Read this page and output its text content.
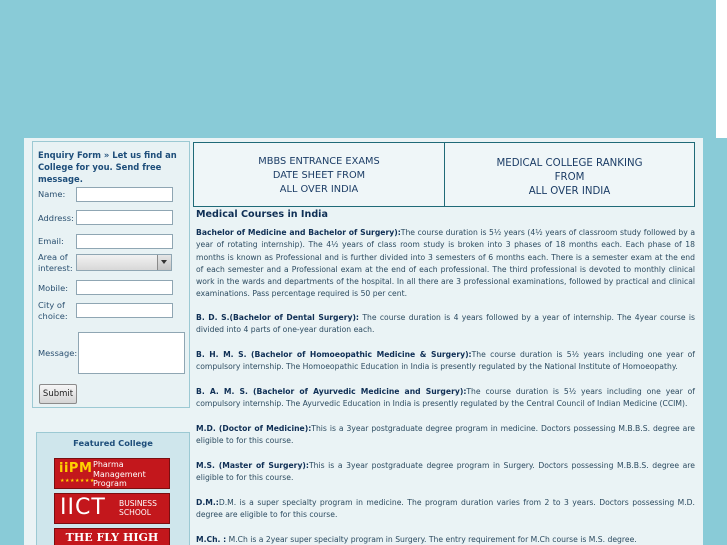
Enquiry Form » Let us find an College for you. Send free message.
Name:
Address:
Email:
Area of interest:
Mobile:
City of choice:
Message:
Submit
Featured College
iiPM
★★★★★★★
Pharma Management Program
IICT BUSINESS SCHOOL
THE FLY HIGH
MBBS ENTRANCE EXAMS
DATE SHEET FROM
ALL OVER INDIA
MEDICAL COLLEGE RANKING
FROM
ALL OVER INDIA
Medical Courses in India
Bachelor of Medicine and Bachelor of Surgery):The course duration is 5½ years (4½ years of classroom study followed by a year of rotating internship). The 4½ years of class room study is broken into 3 phases of 18 months each. Each phase of 18 months is known as Professional and is further divided into 3 semesters of 6 months each. There is a semester exam at the end of each semester and a Professional exam at the end of each professional. The third professional is devoted to monthly clinical work in the wards and departments of the hospital. In all there are 3 professional examinations, followed by practical and clinical examinations. Pass percentage required is 50 per cent.
B. D. S.(Bachelor of Dental Surgery): The course duration is 4 years followed by a year of internship. The 4year course is divided into 4 parts of one-year duration each.
B. H. M. S. (Bachelor of Homoeopathic Medicine & Surgery):The course duration is 5½ years including one year of compulsory internship. The Homoeopathic Education in India is presently regulated by the National Institute of Homoeopathy.
B. A. M. S. (Bachelor of Ayurvedic Medicine and Surgery):The course duration is 5½ years including one year of compulsory internship. The Ayurvedic Education in India is presently regulated by the Central Council of Indian Medicine (CCIM).
M.D. (Doctor of Medicine):This is a 3year postgraduate degree program in medicine. Doctors possessing M.B.B.S. degree are eligible to for this course.
M.S. (Master of Surgery):This is a 3year postgraduate degree program in Surgery. Doctors possessing M.B.B.S. degree are eligible to for this course.
D.M.:D.M. is a super specialty program in medicine. The program duration varies from 2 to 3 years. Doctors possessing M.D. degree are eligible to for this course.
M.Ch. : M.Ch is a 2year super specialty program in Surgery. The entry requirement for M.Ch course is M.S. degree.
